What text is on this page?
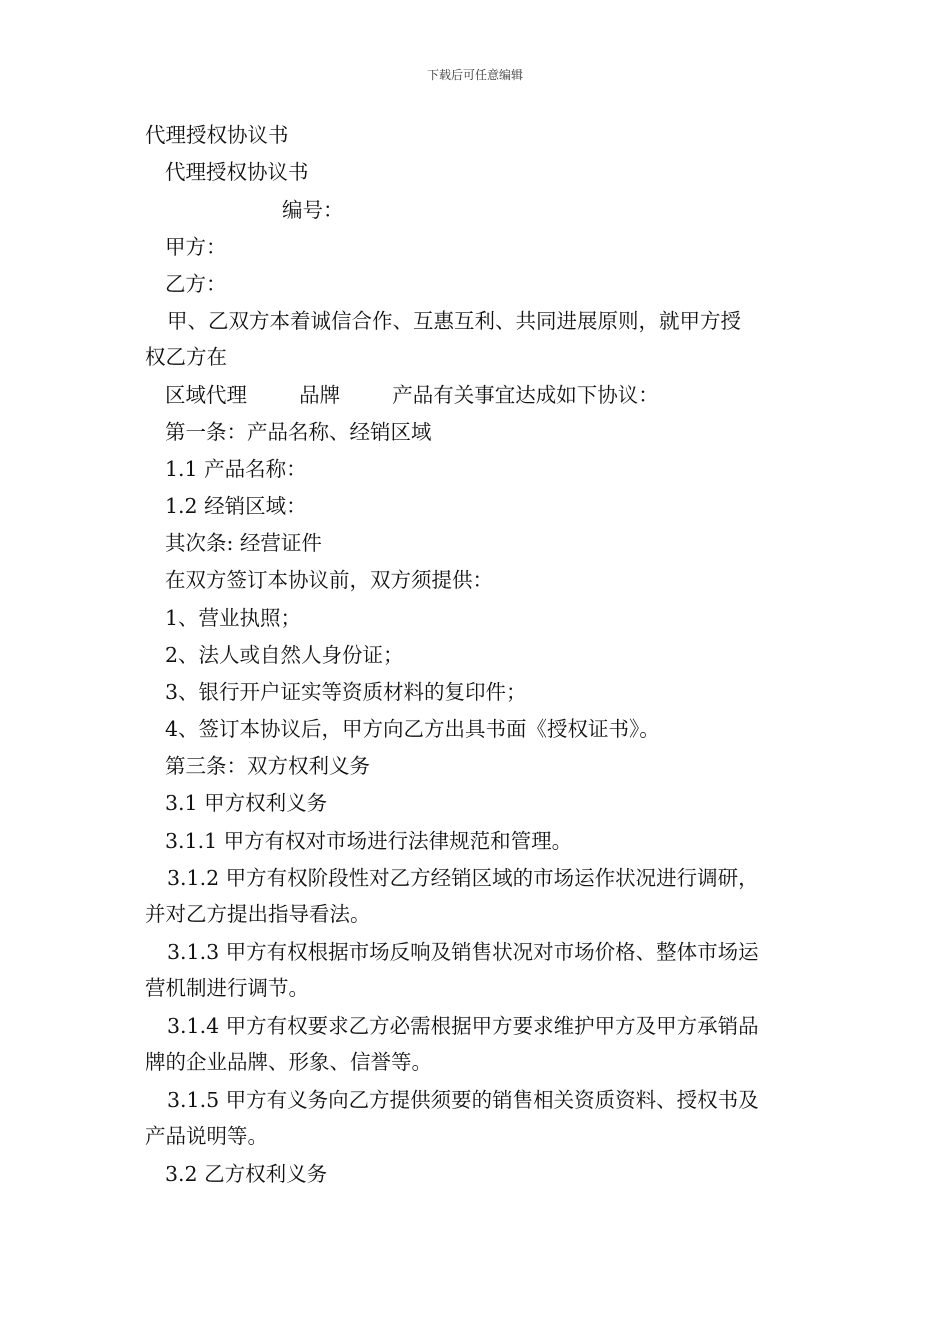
下载后可任意编辑
代理授权协议书
代理授权协议书
编号：
甲方：
乙方：
甲、乙双方本着诚信合作、互惠互利、共同进展原则，就甲方授
权乙方在
区域代理        品牌        产品有关事宜达成如下协议：
第一条：产品名称、经销区域
1.1 产品名称：
1.2 经销区域：
其次条: 经营证件
在双方签订本协议前，双方须提供：
1、营业执照；
2、法人或自然人身份证；
3、银行开户证实等资质材料的复印件；
4、签订本协议后，甲方向乙方出具书面《授权证书》。
第三条：双方权利义务
3.1 甲方权利义务
3.1.1 甲方有权对市场进行法律规范和管理。
3.1.2 甲方有权阶段性对乙方经销区域的市场运作状况进行调研，
并对乙方提出指导看法。
3.1.3 甲方有权根据市场反响及销售状况对市场价格、整体市场运
营机制进行调节。
3.1.4 甲方有权要求乙方必需根据甲方要求维护甲方及甲方承销品
牌的企业品牌、形象、信誉等。
3.1.5 甲方有义务向乙方提供须要的销售相关资质资料、授权书及
产品说明等。
3.2 乙方权利义务
